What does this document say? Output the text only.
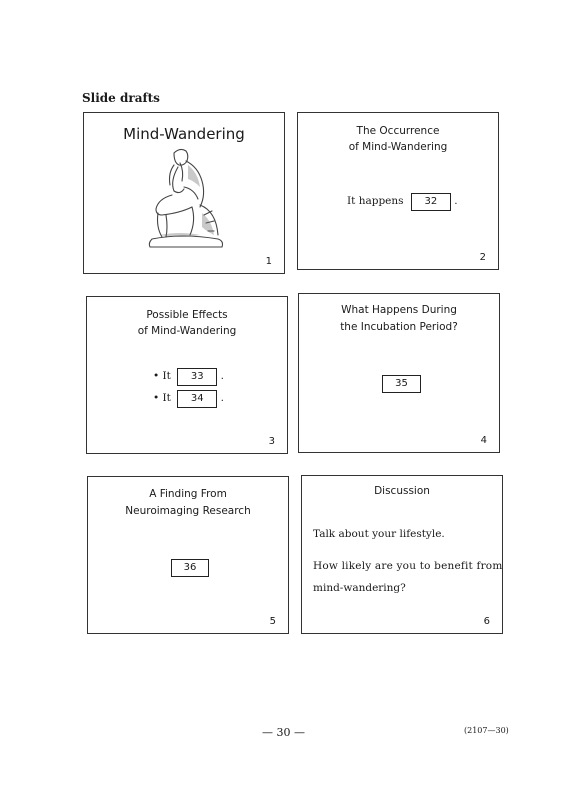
Slide drafts
Mind-Wandering
1
The Occurrence
of Mind-Wandering
It happens 32 .
2
Possible Effects
of Mind-Wandering
• It 33 .
• It 34 .
3
What Happens During
the Incubation Period?
35
4
A Finding From
Neuroimaging Research
36
5
Discussion
Talk about your lifestyle.
How likely are you to benefit from
mind-wandering?
6
— 30 —	(2107—30)
